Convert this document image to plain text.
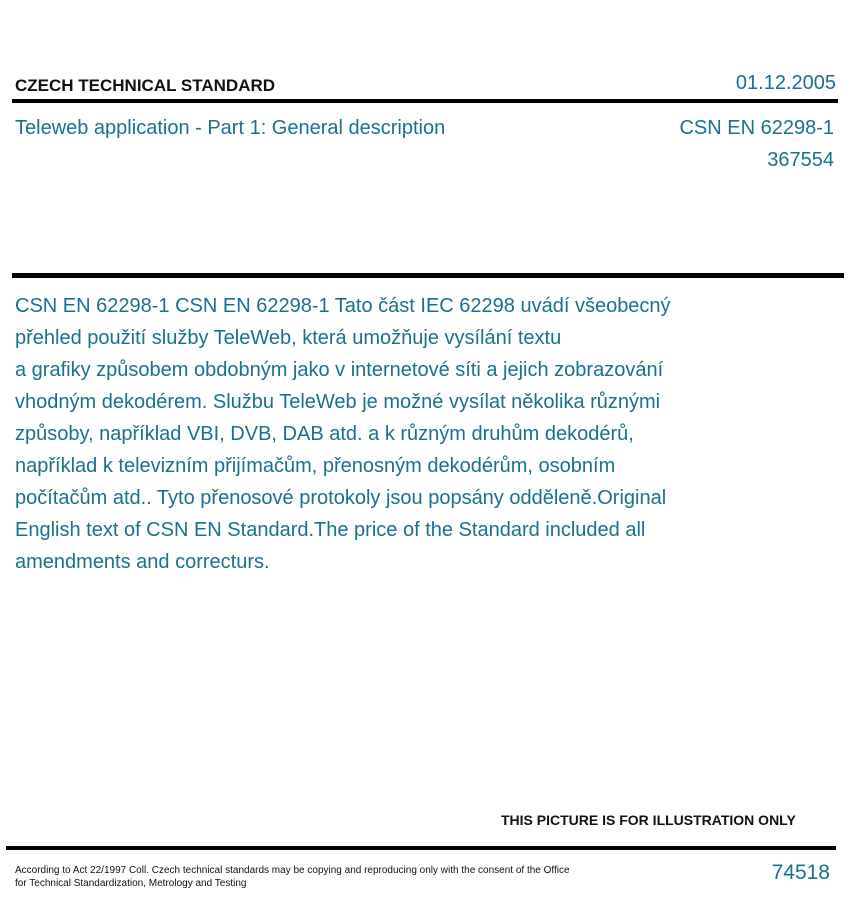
CZECH TECHNICAL STANDARD	01.12.2005
Teleweb application - Part 1: General description	CSN EN 62298-1
367554
CSN EN 62298-1 CSN EN 62298-1 Tato část IEC 62298 uvádí všeobecný
přehled použití služby TeleWeb, která umožňuje vysílání textu
a grafiky způsobem obdobným jako v internetové síti a jejich zobrazování
vhodným dekodérem. Službu TeleWeb je možné vysílat několika různými
způsoby, například VBI, DVB, DAB atd. a k různým druhům dekodérů,
například k televizním přijímačům, přenosným dekodérům, osobním
počítačům atd.. Tyto přenosové protokoly jsou popsány odděleně.Original
English text of CSN EN Standard.The price of the Standard included all
amendments and correcturs.
THIS PICTURE IS FOR ILLUSTRATION ONLY
According to Act 22/1997 Coll. Czech technical standards may be copying and reproducing only with the consent of the Office
for Technical Standardization, Metrology and Testing	74518
